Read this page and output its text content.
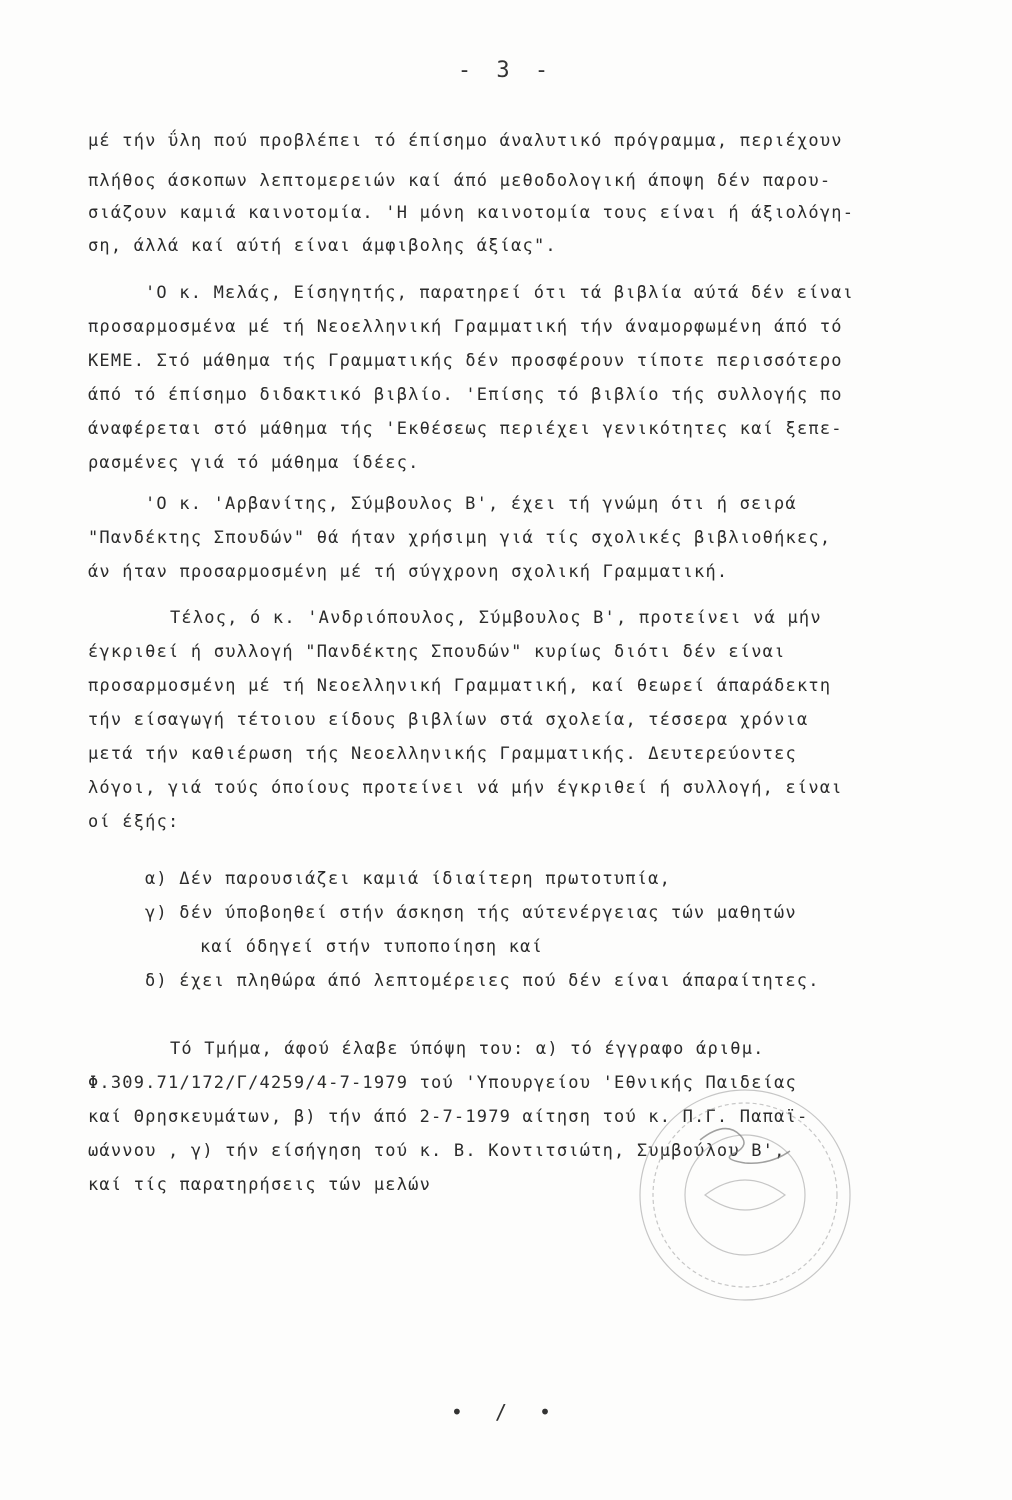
- 3 -
μέ τήν ΰλη πού προβλέπει τό έπίσημο άναλυτικό πρόγραμμα, περιέχουν
πλήθος άσκοπων λεπτομερειών καί άπό μεθοδολογική άποψη δέν παρου-
σιάζουν καμιά καινοτομία. 'Η μόνη καινοτομία τους είναι ή άξιολόγη-
ση, άλλά καί αύτή είναι άμφιβολης άξίας".
'Ο κ. Μελάς, Είσηγητής, παρατηρεί ότι τά βιβλία αύτά δέν είναι
προσαρμοσμένα μέ τή Νεοελληνική Γραμματική τήν άναμορφωμένη άπό τό
ΚΕΜΕ. Στό μάθημα τής Γραμματικής δέν προσφέρουν τίποτε περισσότερο
άπό τό έπίσημο διδακτικό βιβλίο. 'Επίσης τό βιβλίο τής συλλογής πο
άναφέρεται στό μάθημα τής 'Εκθέσεως περιέχει γενικότητες καί ξεπε-
ρασμένες γιά τό μάθημα ίδέες.
'Ο κ. 'Αρβανίτης, Σύμβουλος Β', έχει τή γνώμη ότι ή σειρά
"Πανδέκτης Σπουδών" θά ήταν χρήσιμη γιά τίς σχολικές βιβλιοθήκες,
άν ήταν προσαρμοσμένη μέ τή σύγχρονη σχολική Γραμματική.
Τέλος, ό κ. 'Ανδριόπουλος, Σύμβουλος Β', προτείνει νά μήν
έγκριθεί ή συλλογή "Πανδέκτης Σπουδών" κυρίως διότι δέν είναι
προσαρμοσμένη μέ τή Νεοελληνική Γραμματική, καί θεωρεί άπαράδεκτη
τήν είσαγωγή τέτοιου είδους βιβλίων στά σχολεία, τέσσερα χρόνια
μετά τήν καθιέρωση τής Νεοελληνικής Γραμματικής. Δευτερεύοντες
λόγοι, γιά τούς όποίους προτείνει νά μήν έγκριθεί ή συλλογή, είναι
οί έξής:
α) Δέν παρουσιάζει καμιά ίδιαίτερη πρωτοτυπία,
γ) δέν ύποβοηθεί στήν άσκηση τής αύτενέργειας τών μαθητών
καί όδηγεί στήν τυποποίηση καί
δ) έχει πληθώρα άπό λεπτομέρειες πού δέν είναι άπαραίτητες.
Τό Τμήμα, άφού έλαβε ύπόψη του: α) τό έγγραφο άριθμ.
Φ.309.71/172/Γ/4259/4-7-1979 τού 'Υπουργείου 'Εθνικής Παιδείας
καί Θρησκευμάτων, β) τήν άπό 2-7-1979 αίτηση τού κ. Π.Γ. Παπαϊ-
ωάννου , γ) τήν είσήγηση τού κ. Β. Κοντιτσιώτη, Συμβούλου Β',
καί τίς παρατηρήσεις τών μελών
• / •
